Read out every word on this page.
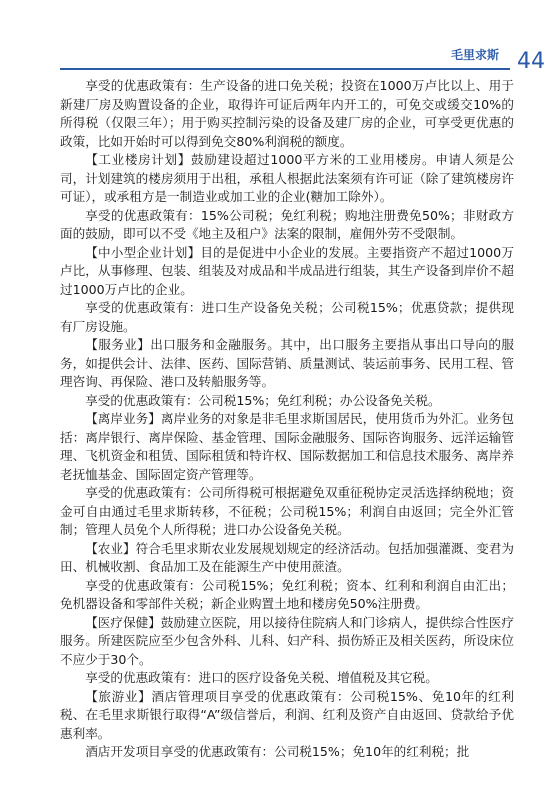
毛里求斯 44

享受的优惠政策有：生产设备的进口免关税；投资在1000万卢比以上、用于新建厂房及购置设备的企业，取得许可证后两年内开工的，可免交或缓交10%的所得税（仅限三年）；用于购买控制污染的设备及建厂房的企业，可享受更优惠的政策，比如开始时可以得到免交80%利润税的额度。

【工业楼房计划】鼓励建设超过1000平方米的工业用楼房。申请人须是公司，计划建筑的楼房须用于出租，承租人根据此法案须有许可证（除了建筑楼房许可证），或承租方是一制造业或加工业的企业(糖加工除外）。

享受的优惠政策有：15%公司税；免红利税；购地注册费免50%；非财政方面的鼓励，即可以不受《地主及租户》法案的限制，雇佣外劳不受限制。

【中小型企业计划】目的是促进中小企业的发展。主要指资产不超过1000万卢比，从事修理、包装、组装及对成品和半成品进行组装，其生产设备到岸价不超过1000万卢比的企业。

享受的优惠政策有：进口生产设备免关税；公司税15%；优惠贷款；提供现有厂房设施。

【服务业】出口服务和金融服务。其中，出口服务主要指从事出口导向的服务，如提供会计、法律、医药、国际营销、质量测试、装运前事务、民用工程、管理咨询、再保险、港口及转船服务等。

享受的优惠政策有：公司税15%；免红利税；办公设备免关税。

【离岸业务】离岸业务的对象是非毛里求斯国居民，使用货币为外汇。业务包括：离岸银行、离岸保险、基金管理、国际金融服务、国际咨询服务、远洋运输管理、飞机资金和租赁、国际租赁和特许权、国际数据加工和信息技术服务、离岸养老抚恤基金、国际固定资产管理等。

享受的优惠政策有：公司所得税可根据避免双重征税协定灵活选择纳税地；资金可自由通过毛里求斯转移，不征税；公司税15%；利润自由返回；完全外汇管制；管理人员免个人所得税；进口办公设备免关税。

【农业】符合毛里求斯农业发展规划规定的经济活动。包括加强灌溉、变君为田、机械收割、食品加工及在能源生产中使用蔗渣。

享受的优惠政策有：公司税15%；免红利税；资本、红利和利润自由汇出；免机器设备和零部件关税；新企业购置土地和楼房免50%注册费。

【医疗保健】鼓励建立医院，用以接待住院病人和门诊病人，提供综合性医疗服务。所建医院应至少包含外科、儿科、妇产科、损伤矫正及相关医药，所设床位不应少于30个。

享受的优惠政策有：进口的医疗设备免关税、增值税及其它税。

【旅游业】酒店管理项目享受的优惠政策有：公司税15%、免10年的红利税、在毛里求斯银行取得“A”级信誉后，利润、红利及资产自由返回、贷款给予优惠利率。

酒店开发项目享受的优惠政策有：公司税15%；免10年的红利税；批
